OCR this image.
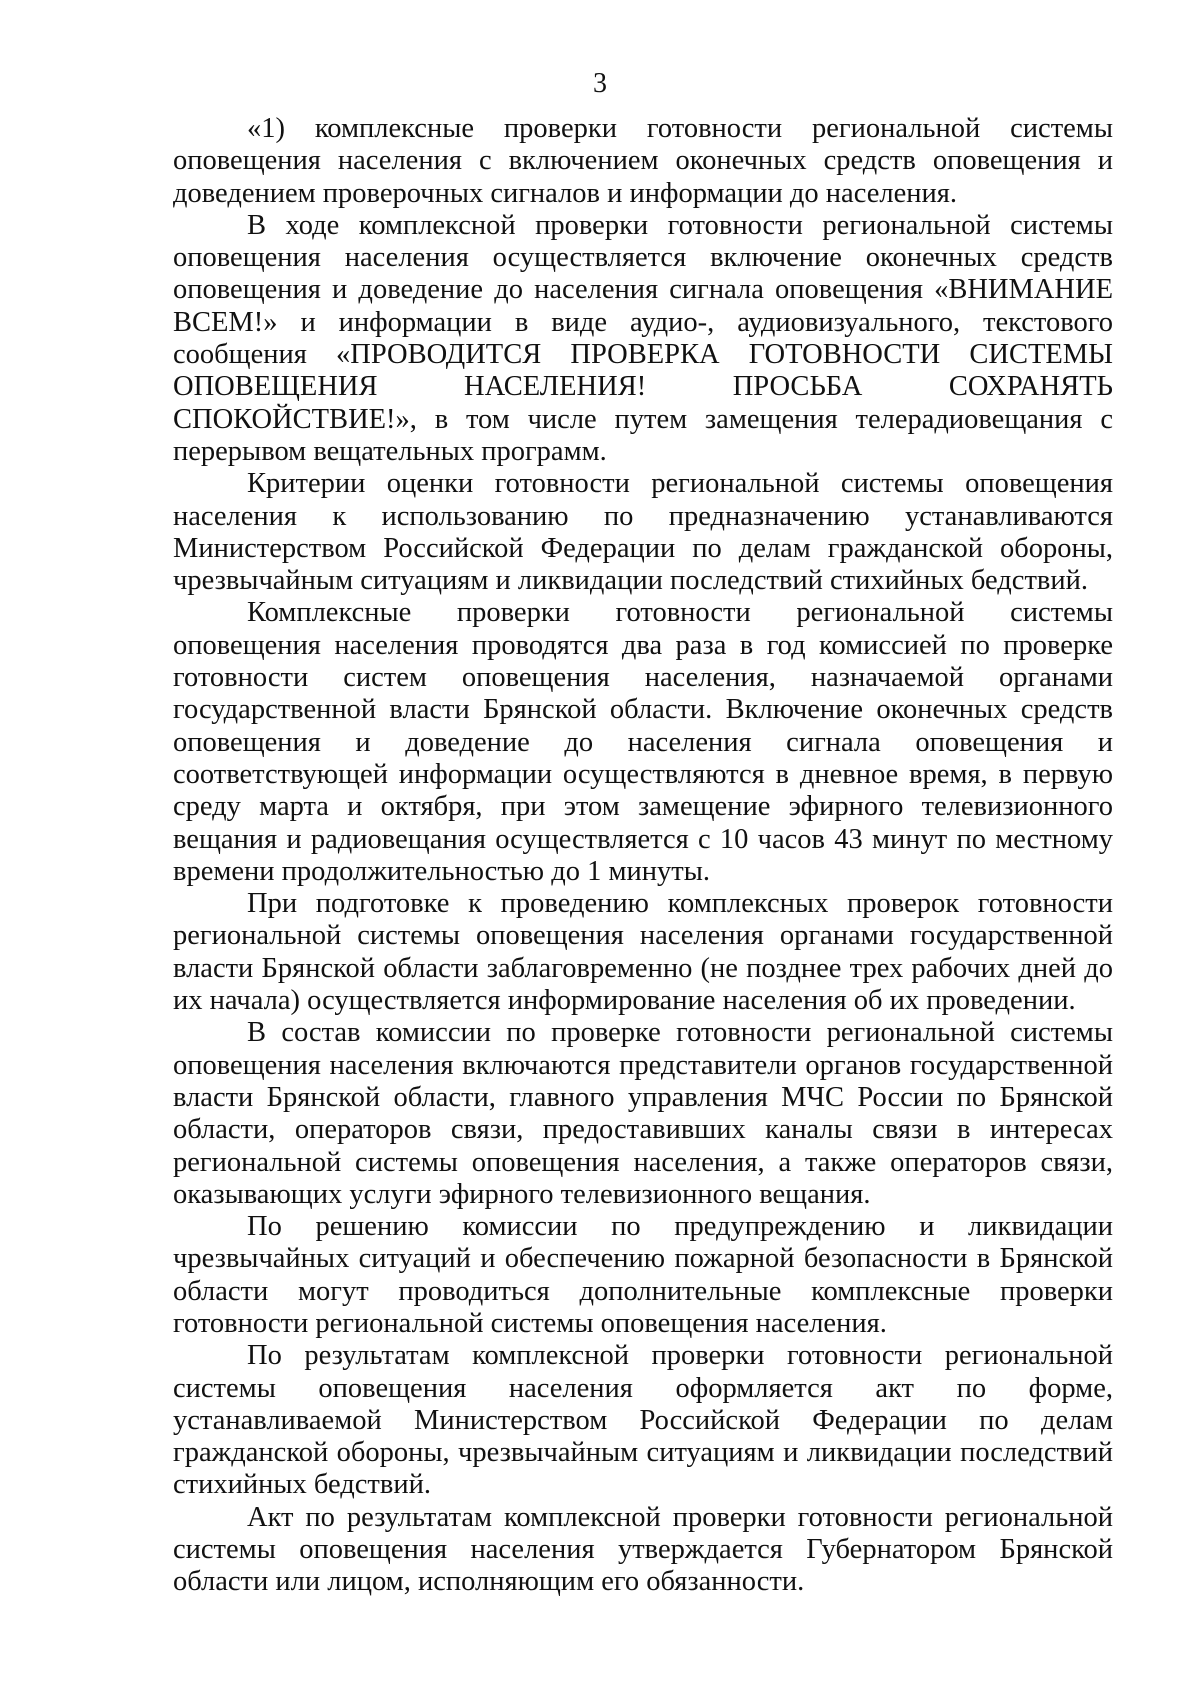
3

«1) комплексные проверки готовности региональной системы оповещения населения с включением оконечных средств оповещения и доведением проверочных сигналов и информации до населения.

В ходе комплексной проверки готовности региональной системы оповещения населения осуществляется включение оконечных средств оповещения и доведение до населения сигнала оповещения «ВНИМАНИЕ ВСЕМ!» и информации в виде аудио-, аудиовизуального, текстового сообщения «ПРОВОДИТСЯ ПРОВЕРКА ГОТОВНОСТИ СИСТЕМЫ ОПОВЕЩЕНИЯ НАСЕЛЕНИЯ! ПРОСЬБА СОХРАНЯТЬ СПОКОЙСТВИЕ!», в том числе путем замещения телерадиовещания с перерывом вещательных программ.

Критерии оценки готовности региональной системы оповещения населения к использованию по предназначению устанавливаются Министерством Российской Федерации по делам гражданской обороны, чрезвычайным ситуациям и ликвидации последствий стихийных бедствий.

Комплексные проверки готовности региональной системы оповещения населения проводятся два раза в год комиссией по проверке готовности систем оповещения населения, назначаемой органами государственной власти Брянской области. Включение оконечных средств оповещения и доведение до населения сигнала оповещения и соответствующей информации осуществляются в дневное время, в первую среду марта и октября, при этом замещение эфирного телевизионного вещания и радиовещания осуществляется с 10 часов 43 минут по местному времени продолжительностью до 1 минуты.

При подготовке к проведению комплексных проверок готовности региональной системы оповещения населения органами государственной власти Брянской области заблаговременно (не позднее трех рабочих дней до их начала) осуществляется информирование населения об их проведении.

В состав комиссии по проверке готовности региональной системы оповещения населения включаются представители органов государственной власти Брянской области, главного управления МЧС России по Брянской области, операторов связи, предоставивших каналы связи в интересах региональной системы оповещения населения, а также операторов связи, оказывающих услуги эфирного телевизионного вещания.

По решению комиссии по предупреждению и ликвидации чрезвычайных ситуаций и обеспечению пожарной безопасности в Брянской области могут проводиться дополнительные комплексные проверки готовности региональной системы оповещения населения.

По результатам комплексной проверки готовности региональной системы оповещения населения оформляется акт по форме, устанавливаемой Министерством Российской Федерации по делам гражданской обороны, чрезвычайным ситуациям и ликвидации последствий стихийных бедствий.

Акт по результатам комплексной проверки готовности региональной системы оповещения населения утверждается Губернатором Брянской области или лицом, исполняющим его обязанности.
